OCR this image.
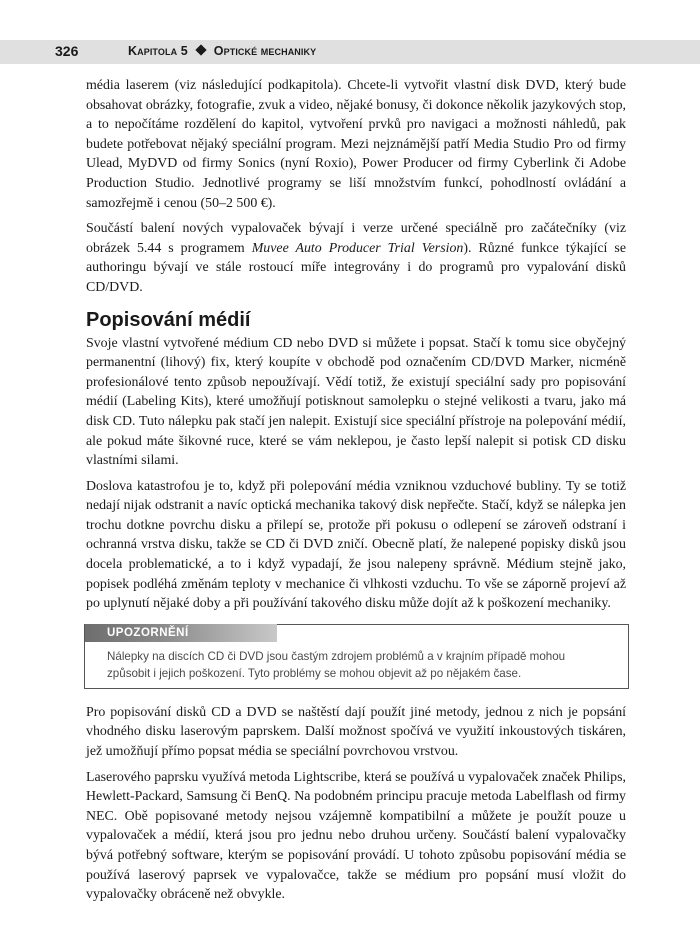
326	Kapitola 5 Optické mechaniky

média laserem (viz následující podkapitola). Chcete-li vytvořit vlastní disk DVD, který bude obsahovat obrázky, fotografie, zvuk a video, nějaké bonusy, či dokonce několik jazykových stop, a to nepočítáme rozdělení do kapitol, vytvoření prvků pro navigaci a možnosti náhledů, pak budete potřebovat nějaký speciální program. Mezi nejznámější patří Media Studio Pro od firmy Ulead, MyDVD od firmy Sonics (nyní Roxio), Power Producer od firmy Cyberlink či Adobe Production Studio. Jednotlivé programy se liší množstvím funkcí, pohodlností ovládání a samozřejmě i cenou (50–2 500 €).

Součástí balení nových vypalovaček bývají i verze určené speciálně pro začátečníky (viz obrázek 5.44 s programem Muvee Auto Producer Trial Version). Různé funkce týkající se authoringu bývají ve stále rostoucí míře integrovány i do programů pro vypalování disků CD/DVD.

Popisování médií

Svoje vlastní vytvořené médium CD nebo DVD si můžete i popsat. Stačí k tomu sice obyčejný permanentní (lihový) fix, který koupíte v obchodě pod označením CD/DVD Marker, nicméně profesionálové tento způsob nepoužívají. Vědí totiž, že existují speciální sady pro popisování médií (Labeling Kits), které umožňují potisknout samolepku o stejné velikosti a tvaru, jako má disk CD. Tuto nálepku pak stačí jen nalepit. Existují sice speciální přístroje na polepování médií, ale pokud máte šikovné ruce, které se vám neklepou, je často lepší nalepit si potisk CD disku vlastními silami.

Doslova katastrofou je to, když při polepování média vzniknou vzduchové bubliny. Ty se totiž nedají nijak odstranit a navíc optická mechanika takový disk nepřečte. Stačí, když se nálepka jen trochu dotkne povrchu disku a přilepí se, protože při pokusu o odlepení se zároveň odstraní i ochranná vrstva disku, takže se CD či DVD zničí. Obecně platí, že nalepené popisky disků jsou docela problematické, a to i když vypadají, že jsou nalepeny správně. Médium stejně jako, popisek podléhá změnám teploty v mechanice či vlhkosti vzduchu. To vše se záporně projeví až po uplynutí nějaké doby a při používání takového disku může dojít až k poškození mechaniky.

UPOZORNĚNÍ
Nálepky na discích CD či DVD jsou častým zdrojem problémů a v krajním případě mohou způsobit i jejich poškození. Tyto problémy se mohou objevit až po nějakém čase.

Pro popisování disků CD a DVD se naštěstí dají použít jiné metody, jednou z nich je popsání vhodného disku laserovým paprskem. Další možnost spočívá ve využití inkoustových tiskáren, jež umožňují přímo popsat média se speciální povrchovou vrstvou.

Laserového paprsku využívá metoda Lightscribe, která se používá u vypalovaček značek Philips, Hewlett-Packard, Samsung či BenQ. Na podobném principu pracuje metoda Labelflash od firmy NEC. Obě popisované metody nejsou vzájemně kompatibilní a můžete je použít pouze u vypalovaček a médií, která jsou pro jednu nebo druhou určeny. Součástí balení vypalovačky bývá potřebný software, kterým se popisování provádí. U tohoto způsobu popisování média se používá laserový paprsek ve vypalovačce, takže se médium pro popsání musí vložit do vypalovačky obráceně než obvykle.
